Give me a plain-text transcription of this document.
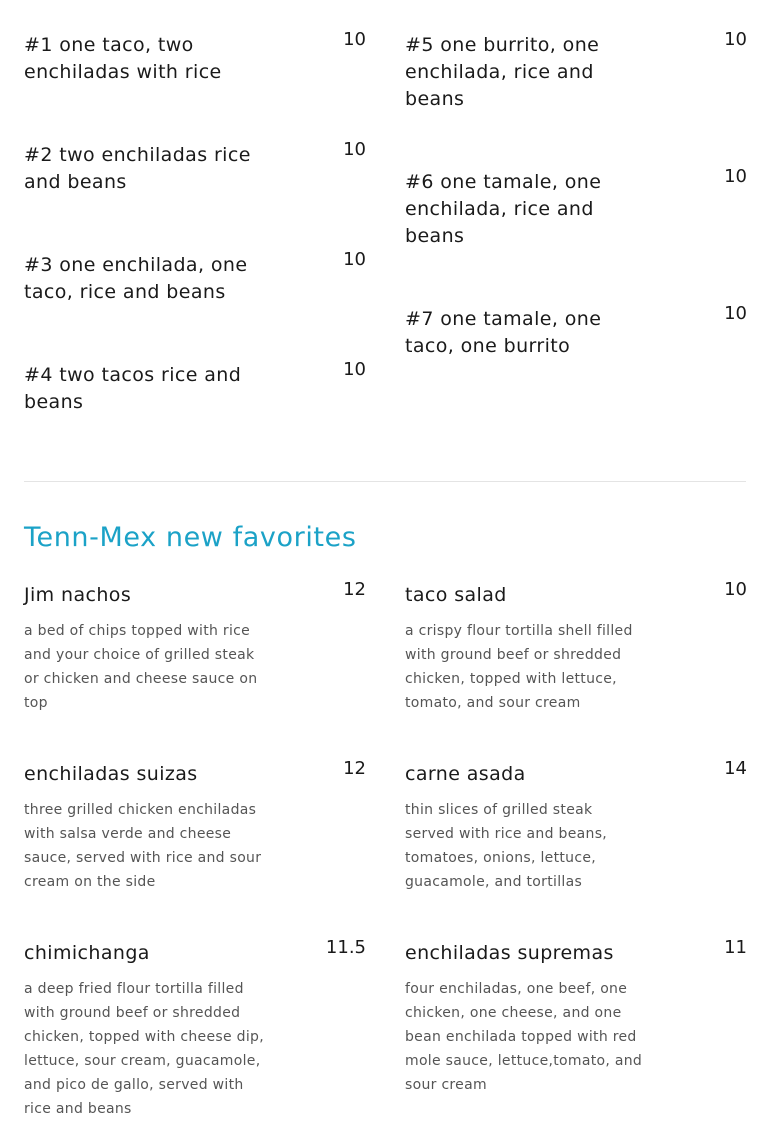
#1 one taco, two enchiladas with rice
10
#2 two enchiladas rice and beans
10
#3 one enchilada, one taco, rice and beans
10
#4 two tacos rice and beans
10
#5 one burrito, one enchilada, rice and beans
10
#6 one tamale, one enchilada, rice and beans
10
#7 one tamale, one taco, one burrito
10
Tenn-Mex new favorites
Jim nachos	12
a bed of chips topped with rice and your choice of grilled steak or chicken and cheese sauce on top
enchiladas suizas	12
three grilled chicken enchiladas with salsa verde and cheese sauce, served with rice and sour cream on the side
chimichanga	11.5
a deep fried flour tortilla filled with ground beef or shredded chicken, topped with cheese dip, lettuce, sour cream, guacamole, and pico de gallo, served with rice and beans
taco salad	10
a crispy flour tortilla shell filled with ground beef or shredded chicken, topped with lettuce, tomato, and sour cream
carne asada	14
thin slices of grilled steak served with rice and beans, tomatoes, onions, lettuce, guacamole, and tortillas
enchiladas supremas	11
four enchiladas, one beef, one chicken, one cheese, and one bean enchilada topped with red mole sauce, lettuce,tomato, and sour cream
